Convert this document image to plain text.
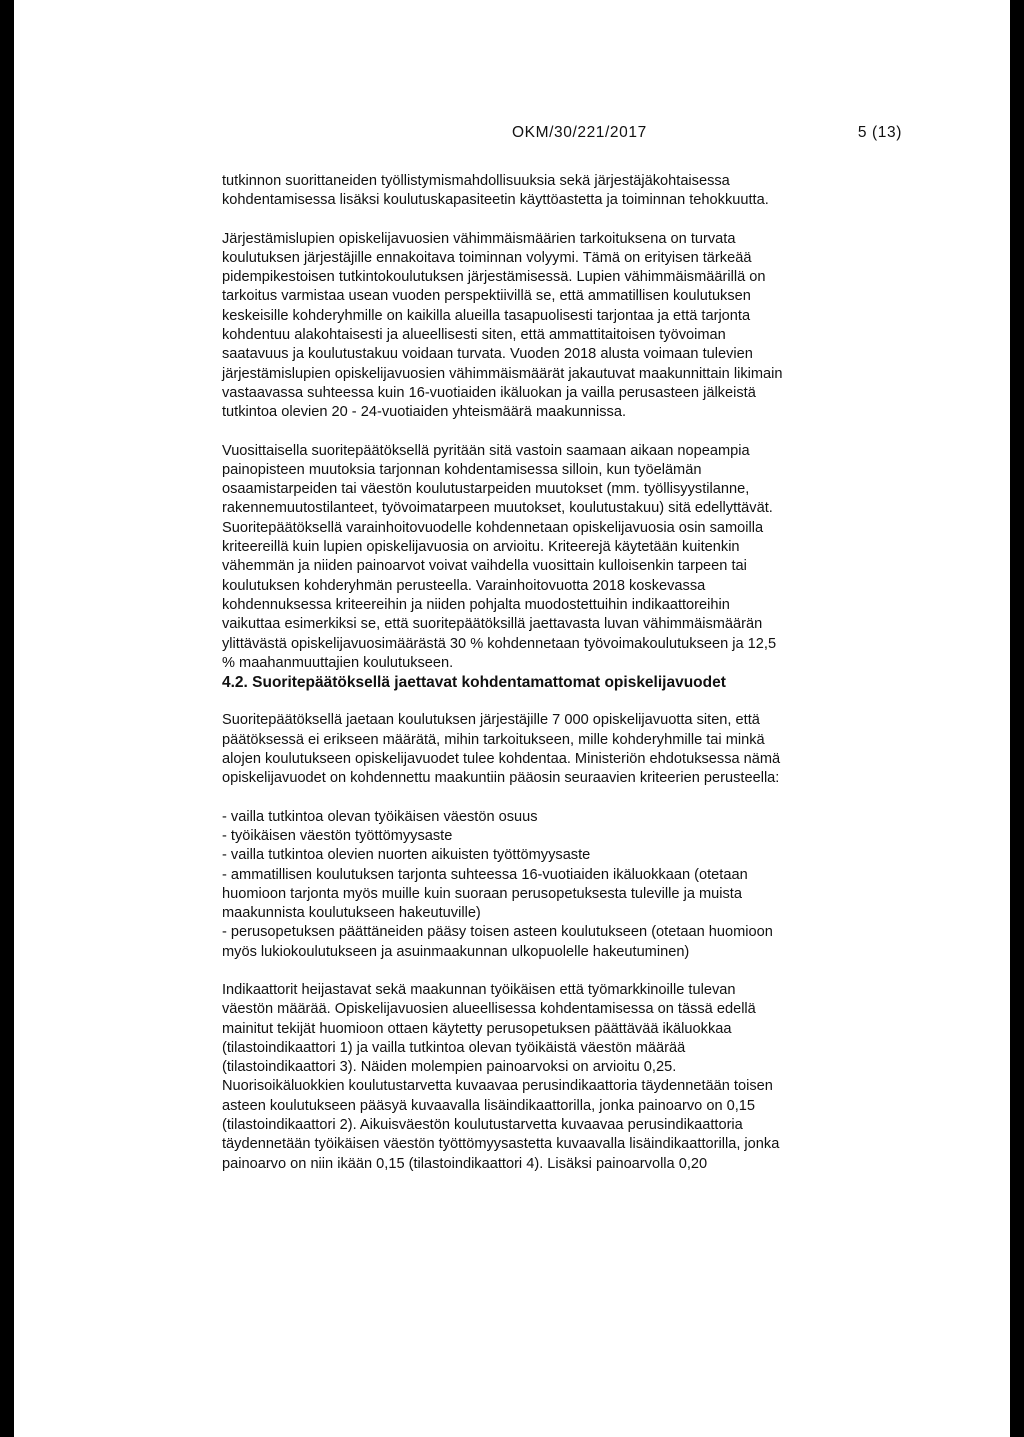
OKM/30/221/2017	5 (13)

tutkinnon suorittaneiden työllistymismahdollisuuksia sekä järjestäjäkohtaisessa
kohdentamisessa lisäksi koulutuskapasiteetin käyttöastetta ja toiminnan tehokkuutta.

Järjestämislupien opiskelijavuosien vähimmäismäärien tarkoituksena on turvata
koulutuksen järjestäjille ennakoitava toiminnan volyymi. Tämä on erityisen tärkeää
pidempikestoisen tutkintokoulutuksen järjestämisessä. Lupien vähimmäismäärillä on
tarkoitus varmistaa usean vuoden perspektiivillä se, että ammatillisen koulutuksen
keskeisille kohderyhmille on kaikilla alueilla tasapuolisesti tarjontaa ja että tarjonta
kohdentuu alakohtaisesti ja alueellisesti siten, että ammattitaitoisen työvoiman
saatavuus ja koulutustakuu voidaan turvata. Vuoden 2018 alusta voimaan tulevien
järjestämislupien opiskelijavuosien vähimmäismäärät jakautuvat maakunnittain likimain
vastaavassa suhteessa kuin 16-vuotiaiden ikäluokan ja vailla perusasteen jälkeistä
tutkintoa olevien 20 - 24-vuotiaiden yhteismäärä maakunnissa.

Vuosittaisella suoritepäätöksellä pyritään sitä vastoin saamaan aikaan nopeampia
painopisteen muutoksia tarjonnan kohdentamisessa silloin, kun työelämän
osaamistarpeiden tai väestön koulutustarpeiden muutokset (mm. työllisyystilanne,
rakennemuutostilanteet, työvoimatarpeen muutokset, koulutustakuu) sitä edellyttävät.
Suoritepäätöksellä varainhoitovuodelle kohdennetaan opiskelijavuosia osin samoilla
kriteereillä kuin lupien opiskelijavuosia on arvioitu. Kriteerejä käytetään kuitenkin
vähemmän ja niiden painoarvot voivat vaihdella vuosittain kulloisenkin tarpeen tai
koulutuksen kohderyhmän perusteella. Varainhoitovuotta 2018 koskevassa
kohdennuksessa kriteereihin ja niiden pohjalta muodostettuihin indikaattoreihin
vaikuttaa esimerkiksi se, että suoritepäätöksillä jaettavasta luvan vähimmäismäärän
ylittävästä opiskelijavuosimäärästä 30 % kohdennetaan työvoimakoulutukseen ja 12,5
% maahanmuuttajien koulutukseen.

4.2. Suoritepäätöksellä jaettavat kohdentamattomat opiskelijavuodet

Suoritepäätöksellä jaetaan koulutuksen järjestäjille 7 000 opiskelijavuotta siten, että
päätöksessä ei erikseen määrätä, mihin tarkoitukseen, mille kohderyhmille tai minkä
alojen koulutukseen opiskelijavuodet tulee kohdentaa. Ministeriön ehdotuksessa nämä
opiskelijavuodet on kohdennettu maakuntiin pääosin seuraavien kriteerien perusteella:

- vailla tutkintoa olevan työikäisen väestön osuus
- työikäisen väestön työttömyysaste
- vailla tutkintoa olevien nuorten aikuisten työttömyysaste
- ammatillisen koulutuksen tarjonta suhteessa 16-vuotiaiden ikäluokkaan (otetaan
huomioon tarjonta myös muille kuin suoraan perusopetuksesta tuleville ja muista
maakunnista koulutukseen hakeutuville)
- perusopetuksen päättäneiden pääsy toisen asteen koulutukseen (otetaan huomioon
myös lukiokoulutukseen ja asuinmaakunnan ulkopuolelle hakeutuminen)

Indikaattorit heijastavat sekä maakunnan työikäisen että työmarkkinoille tulevan
väestön määrää. Opiskelijavuosien alueellisessa kohdentamisessa on tässä edellä
mainitut tekijät huomioon ottaen käytetty perusopetuksen päättävää ikäluokkaa
(tilastoindikaattori 1) ja vailla tutkintoa olevan työikäistä väestön määrää
(tilastoindikaattori 3). Näiden molempien painoarvoksi on arvioitu 0,25.
Nuorisoikäluokkien koulutustarvetta kuvaavaa perusindikaattoria täydennetään toisen
asteen koulutukseen pääsyä kuvaavalla lisäindikaattorilla, jonka painoarvo on 0,15
(tilastoindikaattori 2). Aikuisväestön koulutustarvetta kuvaavaa perusindikaattoria
täydennetään työikäisen väestön työttömyysastetta kuvaavalla lisäindikaattorilla, jonka
painoarvo on niin ikään 0,15 (tilastoindikaattori 4). Lisäksi painoarvolla 0,20
